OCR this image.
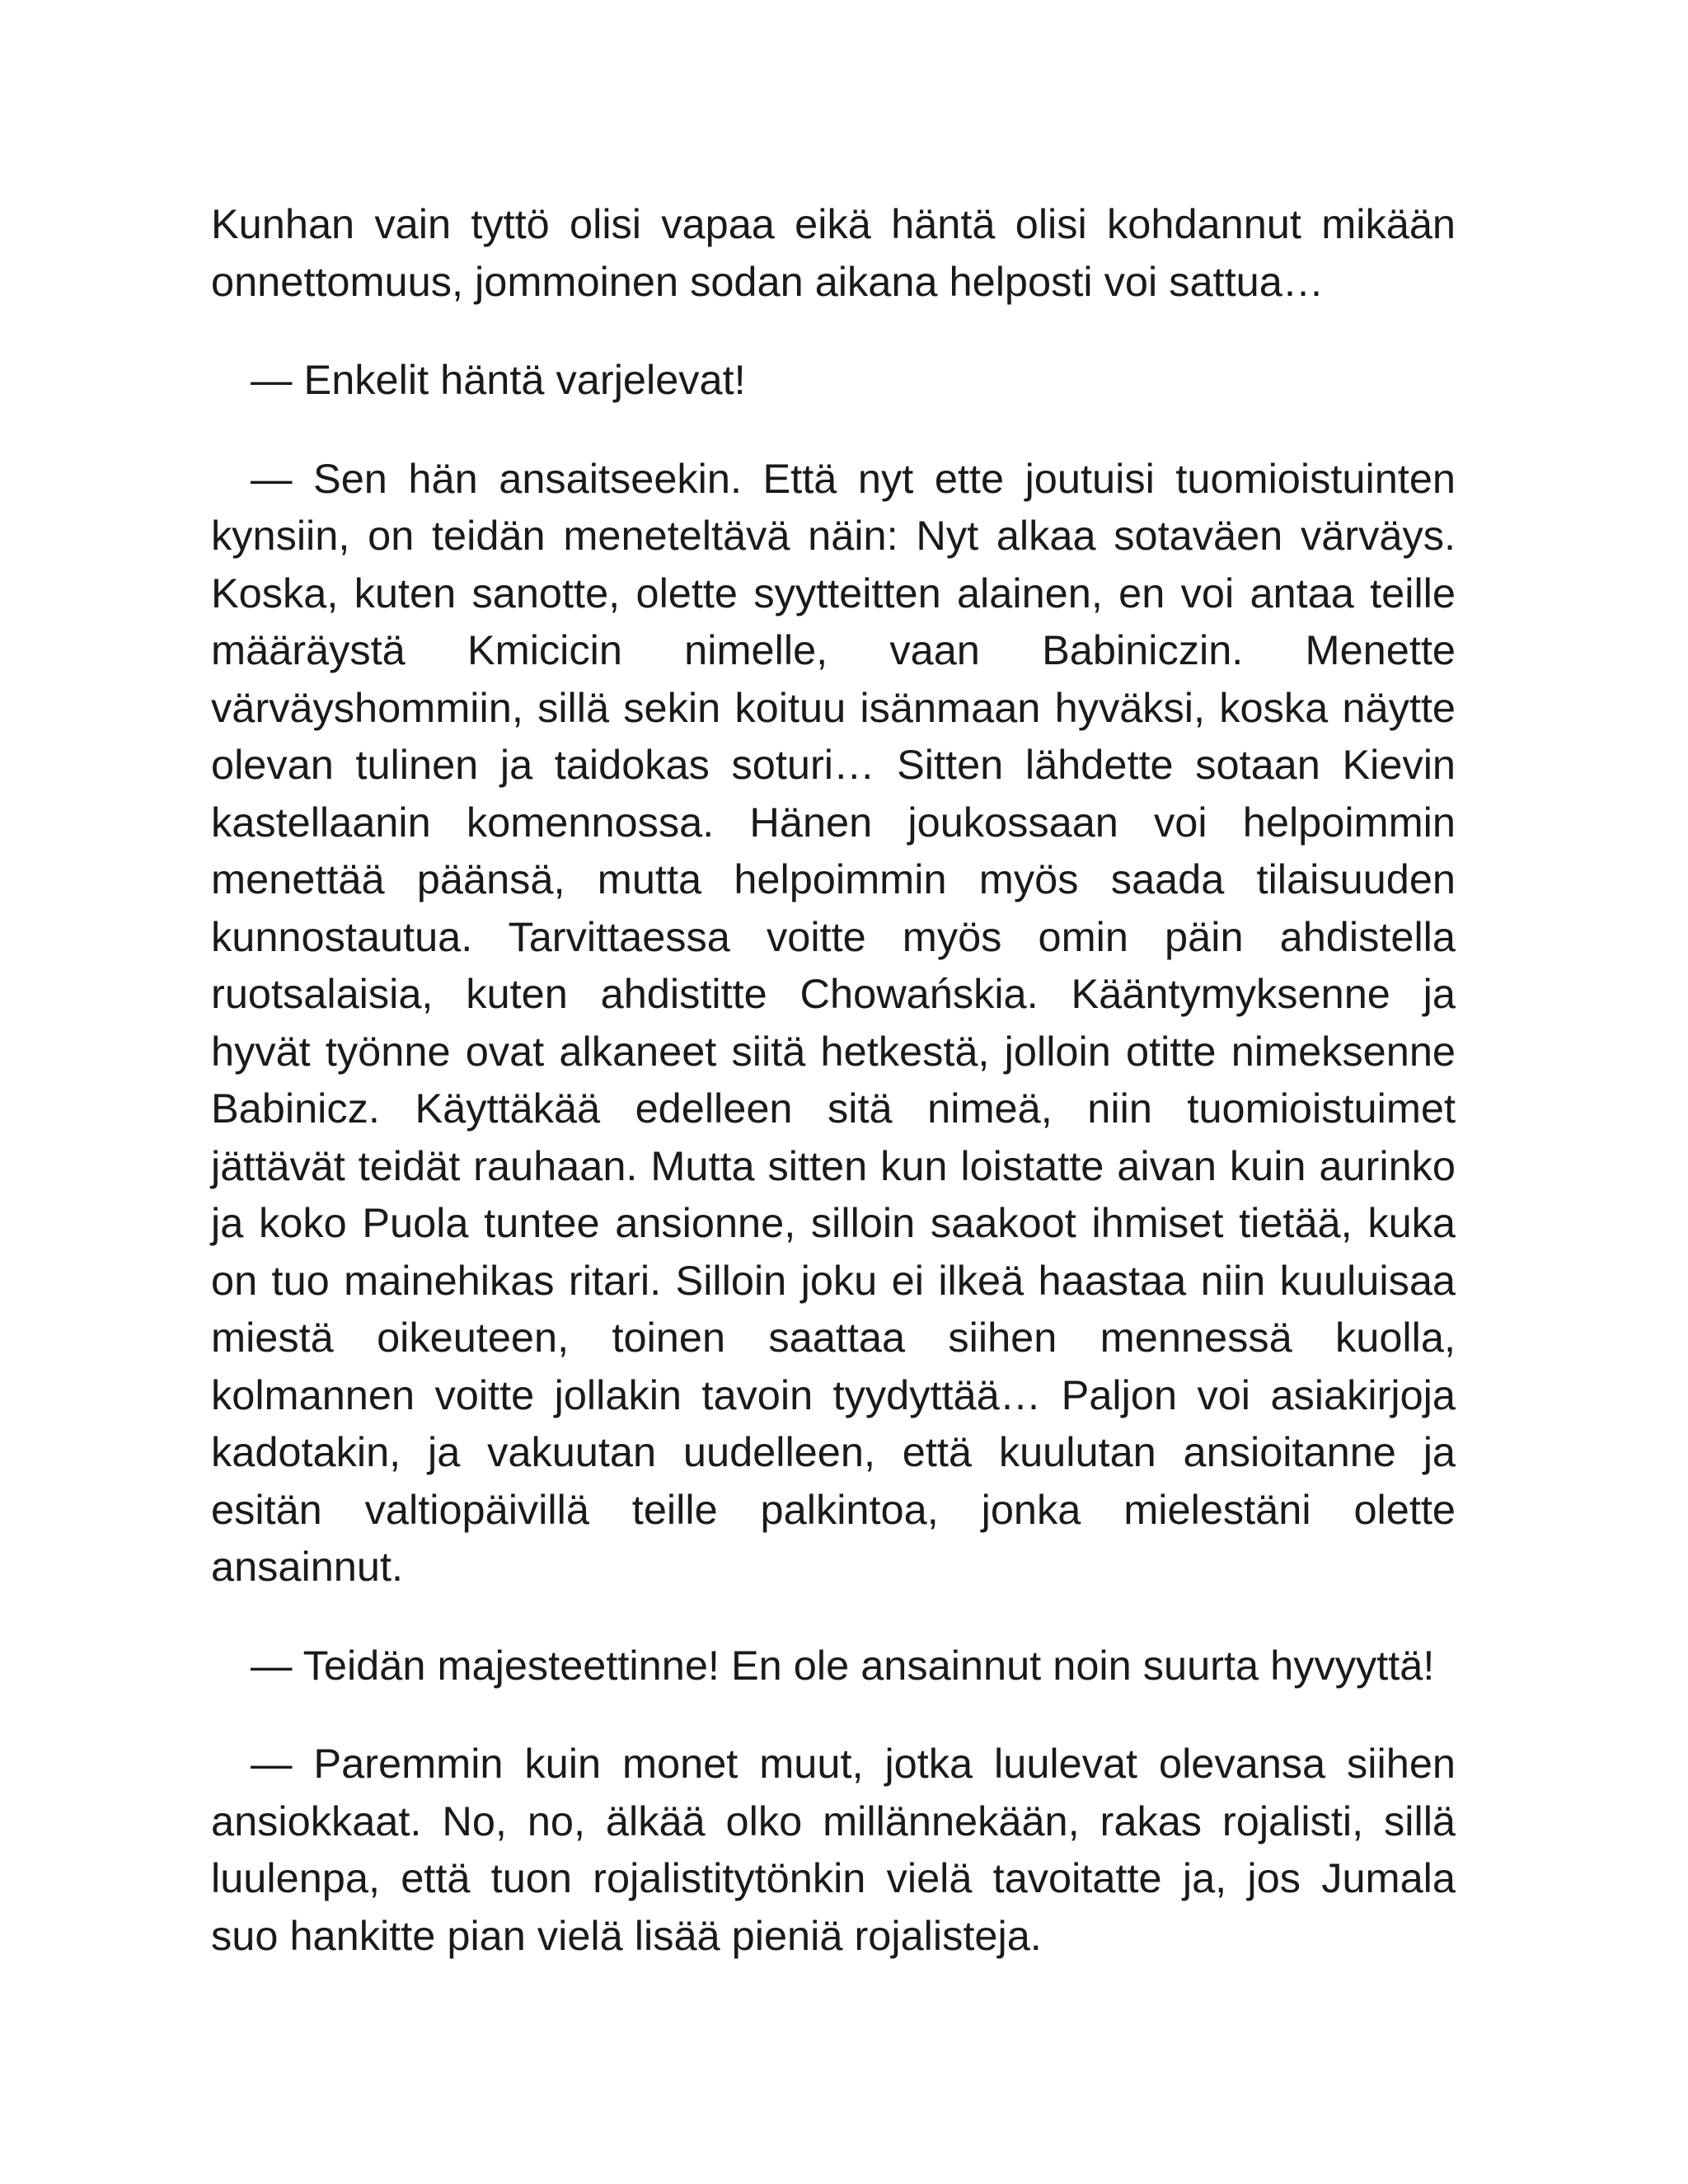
Kunhan vain tyttö olisi vapaa eikä häntä olisi kohdannut mikään onnettomuus, jommoinen sodan aikana helposti voi sattua…

— Enkelit häntä varjelevat!

— Sen hän ansaitseekin. Että nyt ette joutuisi tuomioistuinten kynsiin, on teidän meneteltävä näin: Nyt alkaa sotaväen värväys. Koska, kuten sanotte, olette syytteitten alainen, en voi antaa teille määräystä Kmicicin nimelle, vaan Babiniczin. Menette värväyshommiin, sillä sekin koituu isänmaan hyväksi, koska näytte olevan tulinen ja taidokas soturi… Sitten lähdette sotaan Kievin kastellaanin komennossa. Hänen joukossaan voi helpoimmin menettää päänsä, mutta helpoimmin myös saada tilaisuuden kunnostautua. Tarvittaessa voitte myös omin päin ahdistella ruotsalaisia, kuten ahdistitte Chowańskia. Kääntymyksenne ja hyvät työnne ovat alkaneet siitä hetkestä, jolloin otitte nimeksenne Babinicz. Käyttäkää edelleen sitä nimeä, niin tuomioistuimet jättävät teidät rauhaan. Mutta sitten kun loistatte aivan kuin aurinko ja koko Puola tuntee ansionne, silloin saakoot ihmiset tietää, kuka on tuo mainehikas ritari. Silloin joku ei ilkeä haastaa niin kuuluisaa miestä oikeuteen, toinen saattaa siihen mennessä kuolla, kolmannen voitte jollakin tavoin tyydyttää… Paljon voi asiakirjoja kadotakin, ja vakuutan uudelleen, että kuulutan ansioitanne ja esitän valtiopäivillä teille palkintoa, jonka mielestäni olette ansainnut.

— Teidän majesteettinne! En ole ansainnut noin suurta hyvyyttä!

— Paremmin kuin monet muut, jotka luulevat olevansa siihen ansiokkaat. No, no, älkää olko millännekään, rakas rojalisti, sillä luulenpa, että tuon rojalistitytönkin vielä tavoitatte ja, jos Jumala suo hankitte pian vielä lisää pieniä rojalisteja.
